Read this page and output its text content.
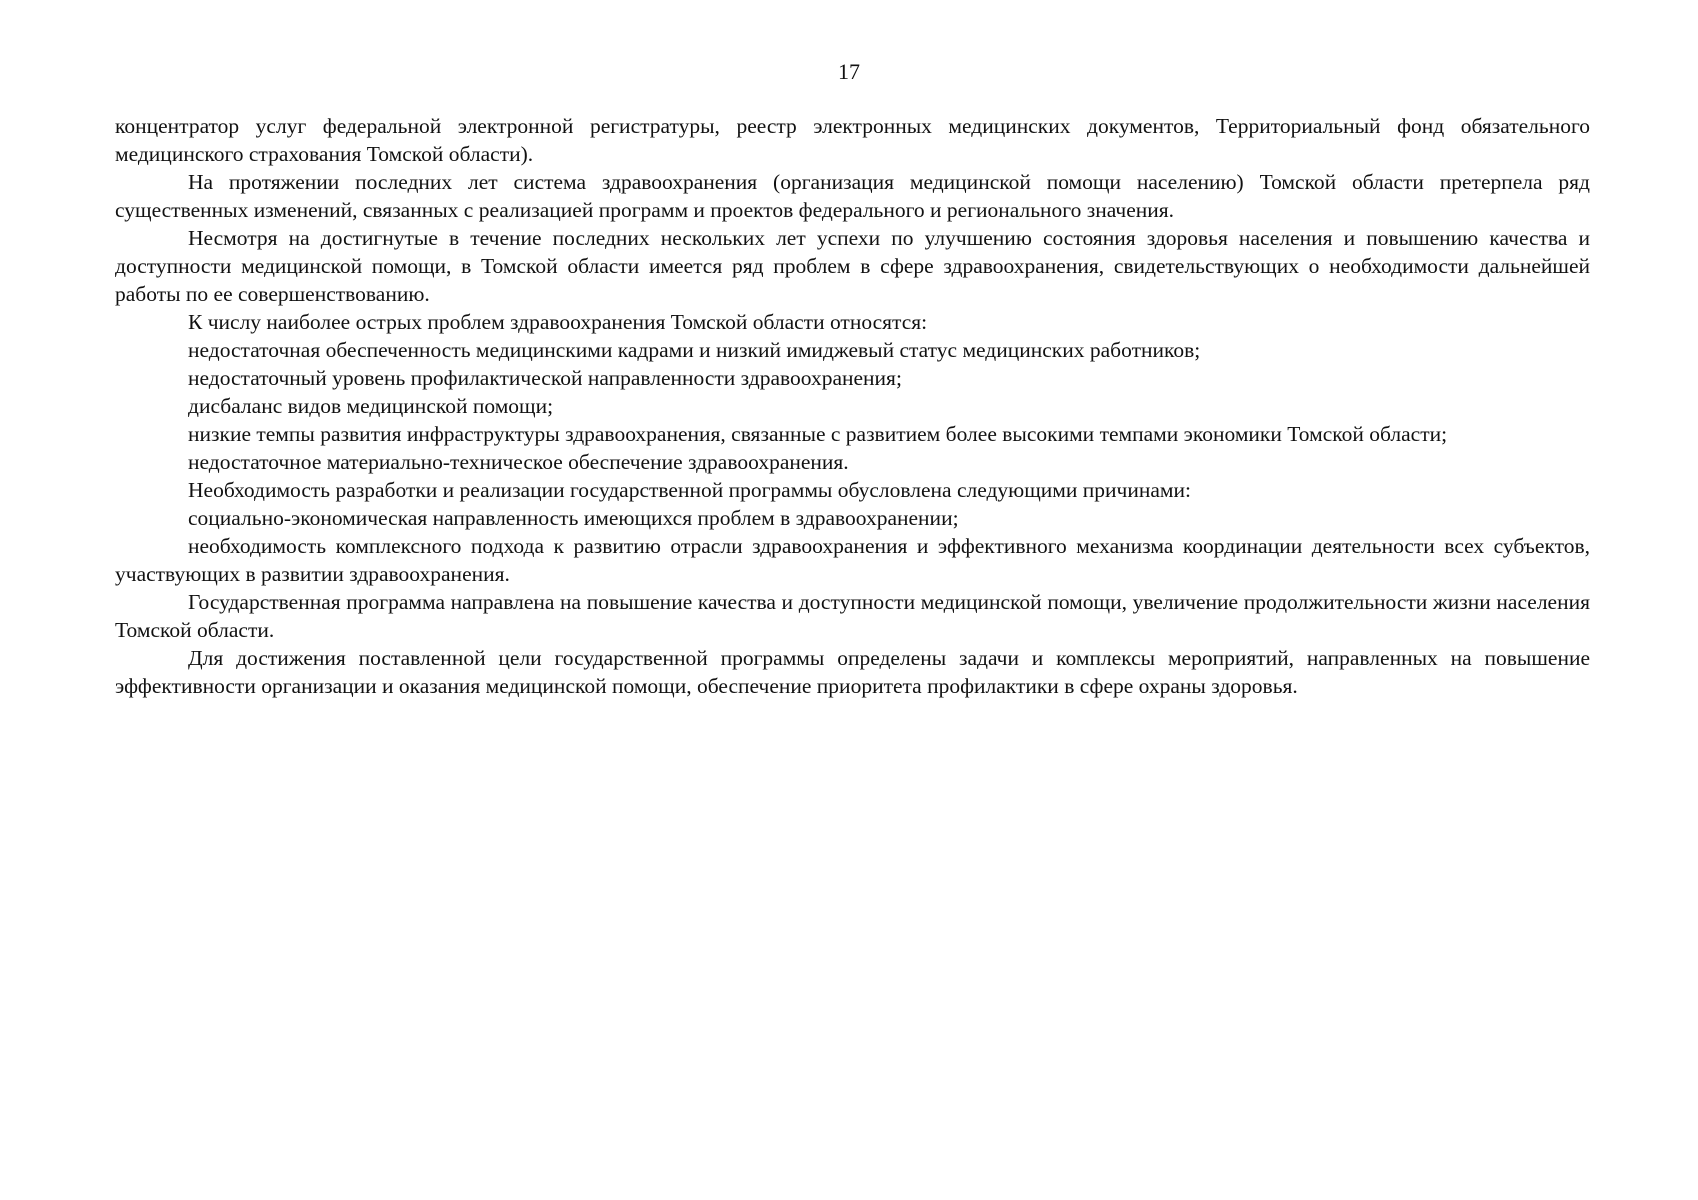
17

концентратор услуг федеральной электронной регистратуры, реестр электронных медицинских документов, Территориальный фонд обязательного медицинского страхования Томской области).

На протяжении последних лет система здравоохранения (организация медицинской помощи населению) Томской области претерпела ряд существенных изменений, связанных с реализацией программ и проектов федерального и регионального значения.

Несмотря на достигнутые в течение последних нескольких лет успехи по улучшению состояния здоровья населения и повышению качества и доступности медицинской помощи, в Томской области имеется ряд проблем в сфере здравоохранения, свидетельствующих о необходимости дальнейшей работы по ее совершенствованию.

К числу наиболее острых проблем здравоохранения Томской области относятся:

недостаточная обеспеченность медицинскими кадрами и низкий имиджевый статус медицинских работников;

недостаточный уровень профилактической направленности здравоохранения;

дисбаланс видов медицинской помощи;

низкие темпы развития инфраструктуры здравоохранения, связанные с развитием более высокими темпами экономики Томской области;

недостаточное материально-техническое обеспечение здравоохранения.

Необходимость разработки и реализации государственной программы обусловлена следующими причинами:

социально-экономическая направленность имеющихся проблем в здравоохранении;

необходимость комплексного подхода к развитию отрасли здравоохранения и эффективного механизма координации деятельности всех субъектов, участвующих в развитии здравоохранения.

Государственная программа направлена на повышение качества и доступности медицинской помощи, увеличение продолжительности жизни населения Томской области.

Для достижения поставленной цели государственной программы определены задачи и комплексы мероприятий, направленных на повышение эффективности организации и оказания медицинской помощи, обеспечение приоритета профилактики в сфере охраны здоровья.
